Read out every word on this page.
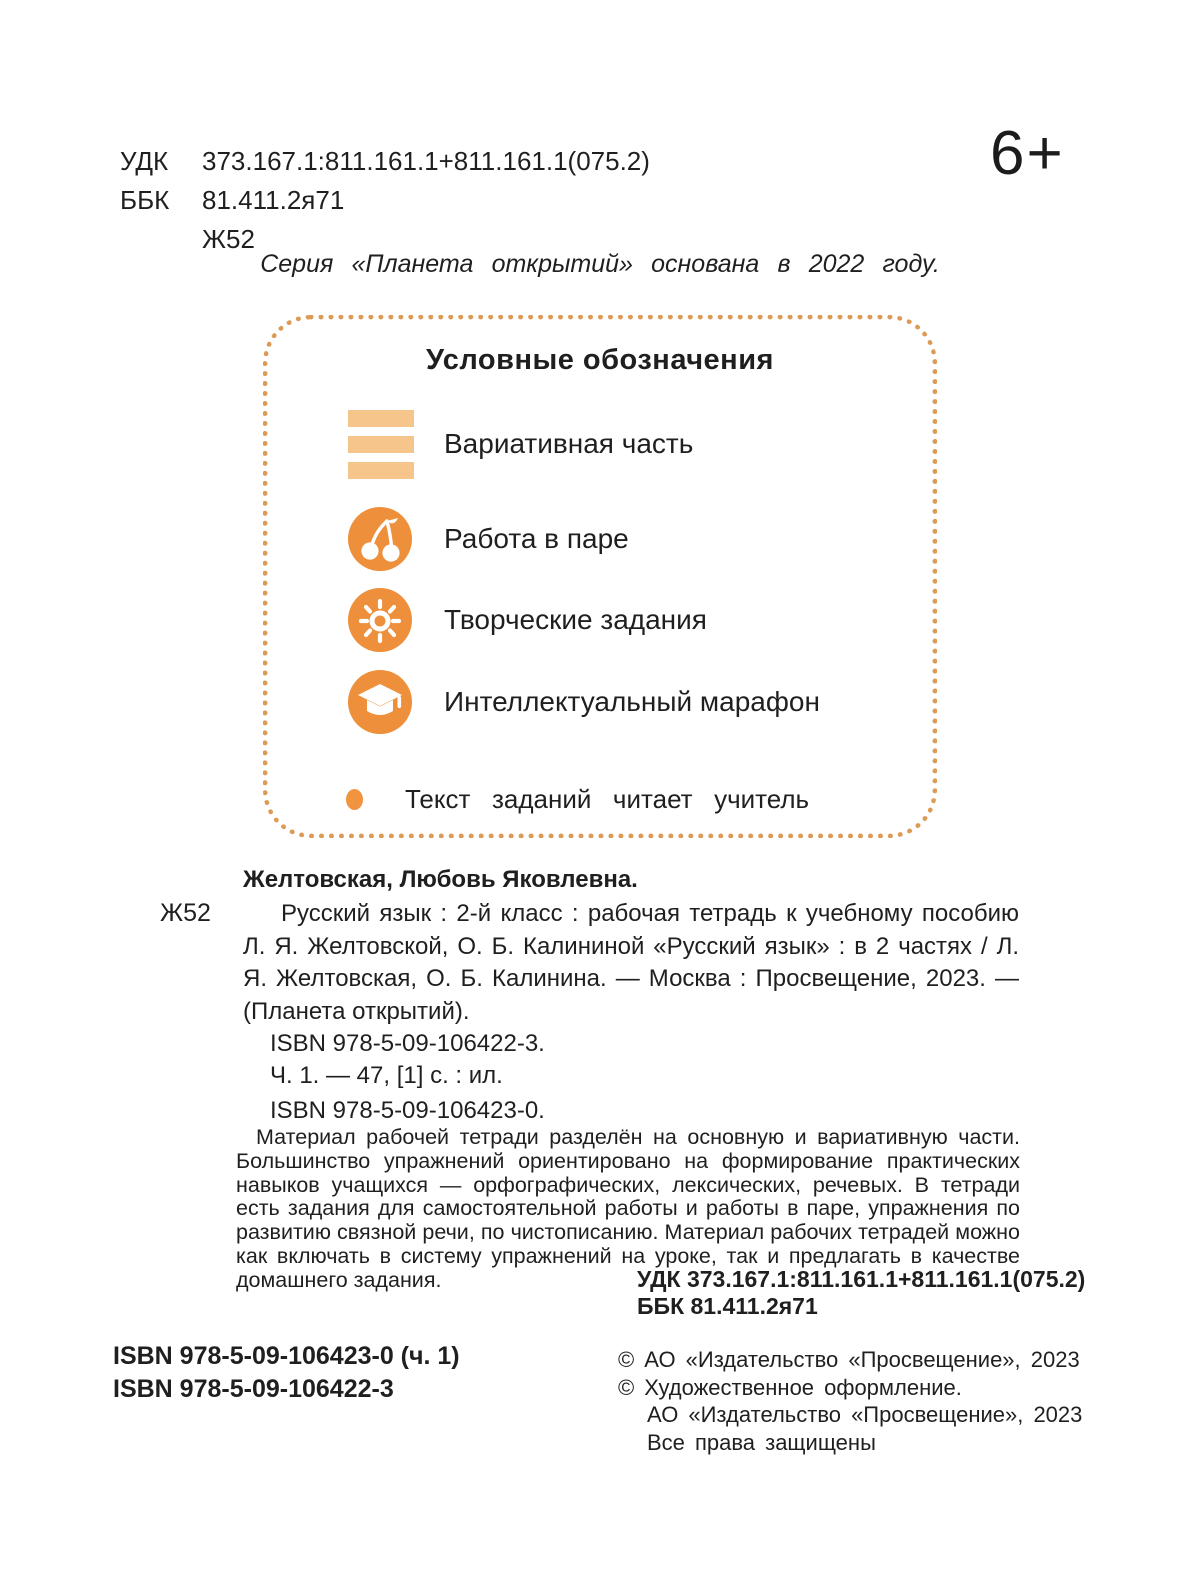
УДК	373.167.1:811.161.1+811.161.1(075.2)
ББК	81.411.2я71
Ж52
6+
Серия «Планета открытий» основана в 2022 году.
Условные обозначения
Вариативная часть
Работа в паре
Творческие задания
Интеллектуальный марафон
Текст заданий читает учитель
Желтовская, Любовь Яковлевна.
Ж52	Русский язык : 2-й класс : рабочая тетрадь к учебному пособию Л. Я. Желтовской, О. Б. Калининой «Русский язык» : в 2 частях / Л. Я. Желтовская, О. Б. Калинина. — Москва : Просвещение, 2023. — (Планета открытий).
ISBN 978-5-09-106422-3.
Ч. 1. — 47, [1] с. : ил.
ISBN 978-5-09-106423-0.
Материал рабочей тетради разделён на основную и вариативную части. Большинство упражнений ориентировано на формирование практических навыков учащихся — орфографических, лексических, речевых. В тетради есть задания для самостоятельной работы и работы в паре, упражнения по развитию связной речи, по чистописанию. Материал рабочих тетрадей можно как включать в систему упражнений на уроке, так и предлагать в качестве домашнего задания.	УДК 373.167.1:811.161.1+811.161.1(075.2)
ББК 81.411.2я71
ISBN 978-5-09-106423-0 (ч. 1)
ISBN 978-5-09-106422-3
© АО «Издательство «Просвещение», 2023
© Художественное оформление.
АО «Издательство «Просвещение», 2023
Все права защищены
